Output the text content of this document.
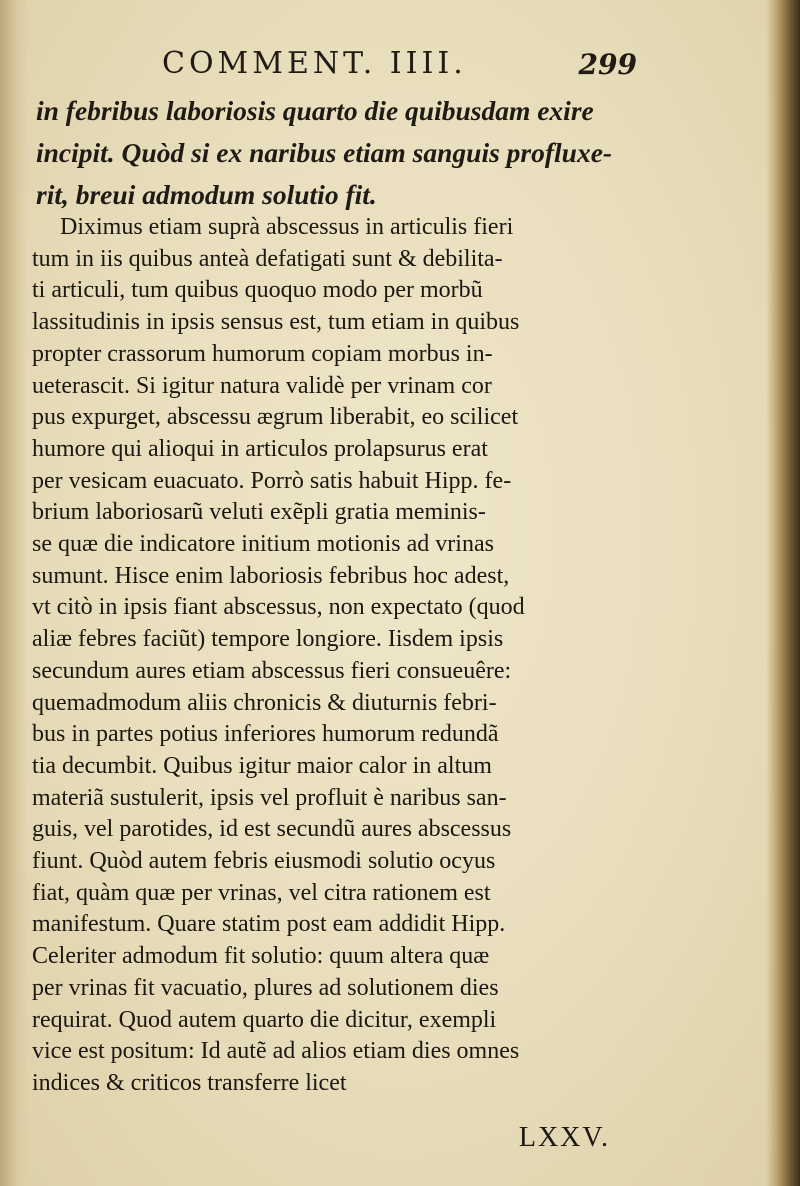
COMMENT. IIII.	299
in febribus laboriosis quarto die quibusdam exire
incipit. Quòd si ex naribus etiam sanguis profluxe-
rit, breui admodum solutio fit.
Diximus etiam suprà abscessus in articulis fieri
tum in iis quibus anteà defatigati sunt & debilita-
ti articuli, tum quibus quoquo modo per morbũ
lassitudinis in ipsis sensus est, tum etiam in quibus
propter crassorum humorum copiam morbus in-
ueterascit. Si igitur natura validè per vrinam cor
pus expurget, abscessu ægrum liberabit, eo scilicet
humore qui alioqui in articulos prolapsurus erat
per vesicam euacuato. Porrò satis habuit Hipp. fe-
brium laboriosarũ veluti exẽpli gratia meminis-
se quæ die indicatore initium motionis ad vrinas
sumunt. Hisce enim laboriosis febribus hoc adest,
vt citò in ipsis fiant abscessus, non expectato (quod
aliæ febres faciũt) tempore longiore. Iisdem ipsis
secundum aures etiam abscessus fieri consueuêre:
quemadmodum aliis chronicis & diuturnis febri-
bus in partes potius inferiores humorum redundã
tia decumbit. Quibus igitur maior calor in altum
materiã sustulerit, ipsis vel profluit è naribus san-
guis, vel parotides, id est secundũ aures abscessus
fiunt. Quòd autem febris eiusmodi solutio ocyus
fiat, quàm quæ per vrinas, vel citra rationem est
manifestum. Quare statim post eam addidit Hipp.
Celeriter admodum fit solutio: quum altera quæ
per vrinas fit vacuatio, plures ad solutionem dies
requirat. Quod autem quarto die dicitur, exempli
vice est positum: Id autẽ ad alios etiam dies omnes
indices & criticos transferre licet
LXXV.
